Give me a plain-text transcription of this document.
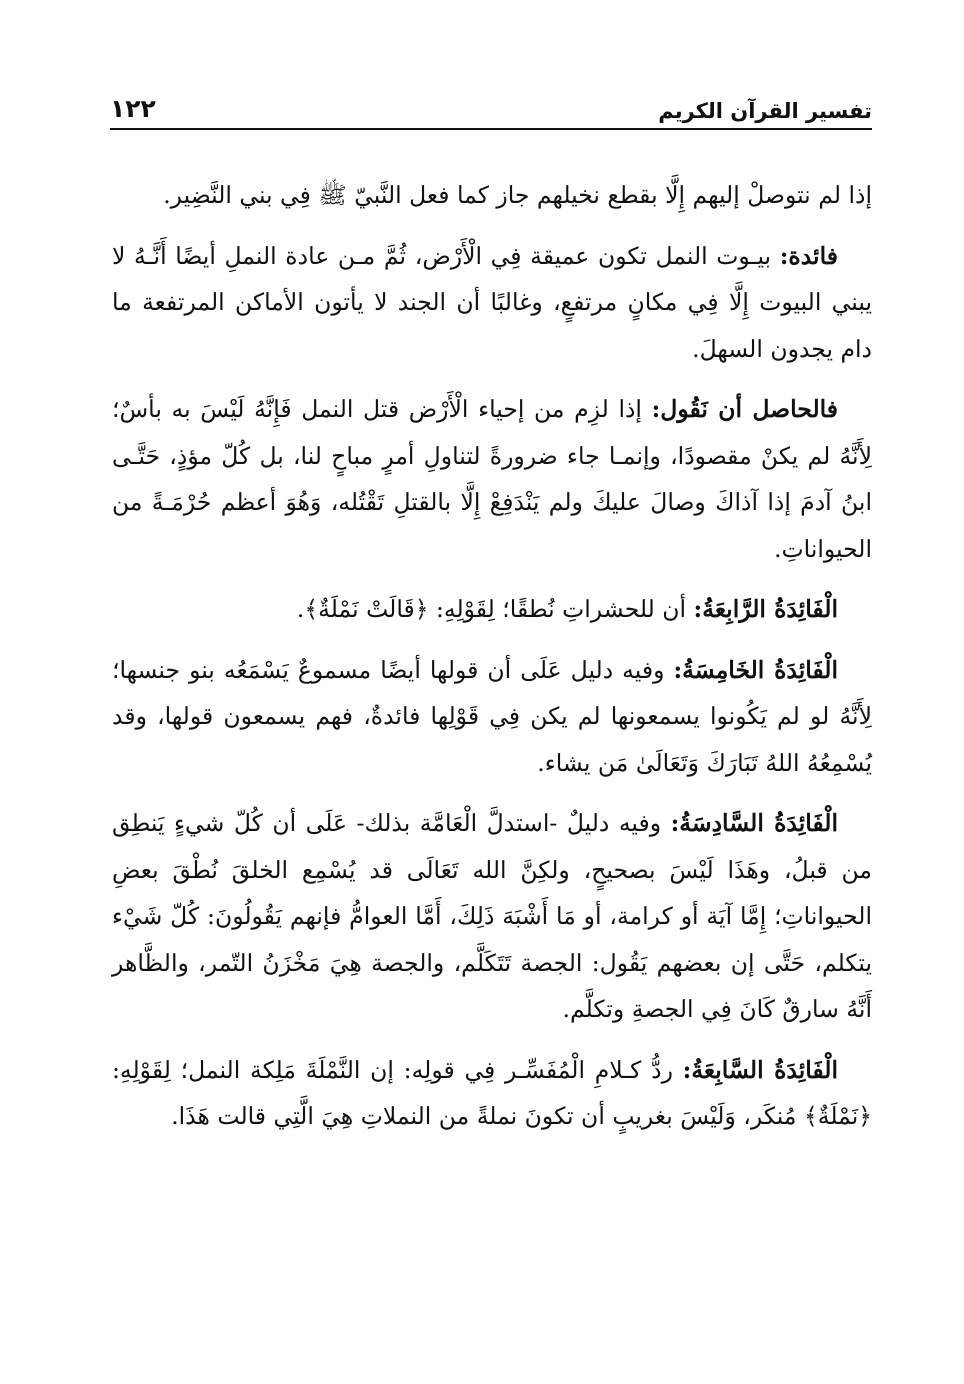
١٢٢	تفسير القرآن الكريم

إذا لم نتوصلْ إليهم إِلَّا بقطع نخيلهم جاز كما فعل النَّبيّ ﷺ فِي بني النَّضِير.

فائدة: بيـوت النمل تكون عميقة فِي الْأَرْض، ثُمَّ مـن عادة النملِ أيضًا أَنَّـهُ لا يبني البيوت إِلَّا فِي مكانٍ مرتفعٍ، وغالبًا أن الجند لا يأتون الأماكن المرتفعة ما دام يجدون السهلَ.

فالحاصل أن نَقُول: إذا لزِم من إحياء الْأَرْض قتل النمل فَإِنَّهُ لَيْسَ به بأسٌ؛ لِأَنَّهُ لم يكنْ مقصودًا، وإنمـا جاء ضرورةً لتناولِ أمرٍ مباحٍ لنا، بل كُلّ مؤذٍ، حَتَّـى ابنُ آدمَ إذا آذاكَ وصالَ عليكَ ولم يَنْدَفِعْ إِلَّا بالقتلِ تَقْتُله، وَهُوَ أعظم حُرْمَـةً من الحيواناتِ.

الْفَائِدَةُ الرَّابِعَةُ: أن للحشراتِ نُطقًا؛ لِقَوْلِهِ: ﴿قَالَتْ نَمْلَةٌ﴾.

الْفَائِدَةُ الخَامِسَةُ: وفيه دليل عَلَى أن قولها أيضًا مسموعٌ يَسْمَعُه بنو جنسها؛ لِأَنَّهُ لو لم يَكُونوا يسمعونها لم يكن فِي قَوْلِها فائدةٌ، فهم يسمعون قولها، وقد يُسْمِعُهُ اللهُ تَبَارَكَ وَتَعَالَىٰ مَن يشاء.

الْفَائِدَةُ السَّادِسَةُ: وفيه دليلٌ -استدلَّ الْعَامَّة بذلك- عَلَى أن كُلّ شيءٍ يَنطِق من قبلُ، وهَذَا لَيْسَ بصحيحٍ، ولكِنَّ الله تَعَالَى قد يُسْمِع الخلقَ نُطْقَ بعضِ الحيواناتِ؛ إِمَّا آيَة أو كرامة، أو مَا أَشْبَهَ ذَلِكَ، أَمَّا العوامُّ فإنهم يَقُولُونَ: كُلّ شَيْء يتكلم، حَتَّى إن بعضهم يَقُول: الجصة تَتَكَلَّم، والجصة هِيَ مَخْزَنُ التّمر، والظَّاهر أَنَّهُ سارقٌ كَانَ فِي الجصةِ وتكلَّم.

الْفَائِدَةُ السَّابِعَةُ: ردُّ كـلامِ الْمُفَسِّـر فِي قولِه: إن النَّمْلَةَ مَلِكة النمل؛ لِقَوْلِهِ: ﴿نَمْلَةٌ﴾ مُنكَر، وَلَيْسَ بغريبٍ أن تكونَ نملةً من النملاتِ هِيَ الَّتِي قالت هَذَا.
